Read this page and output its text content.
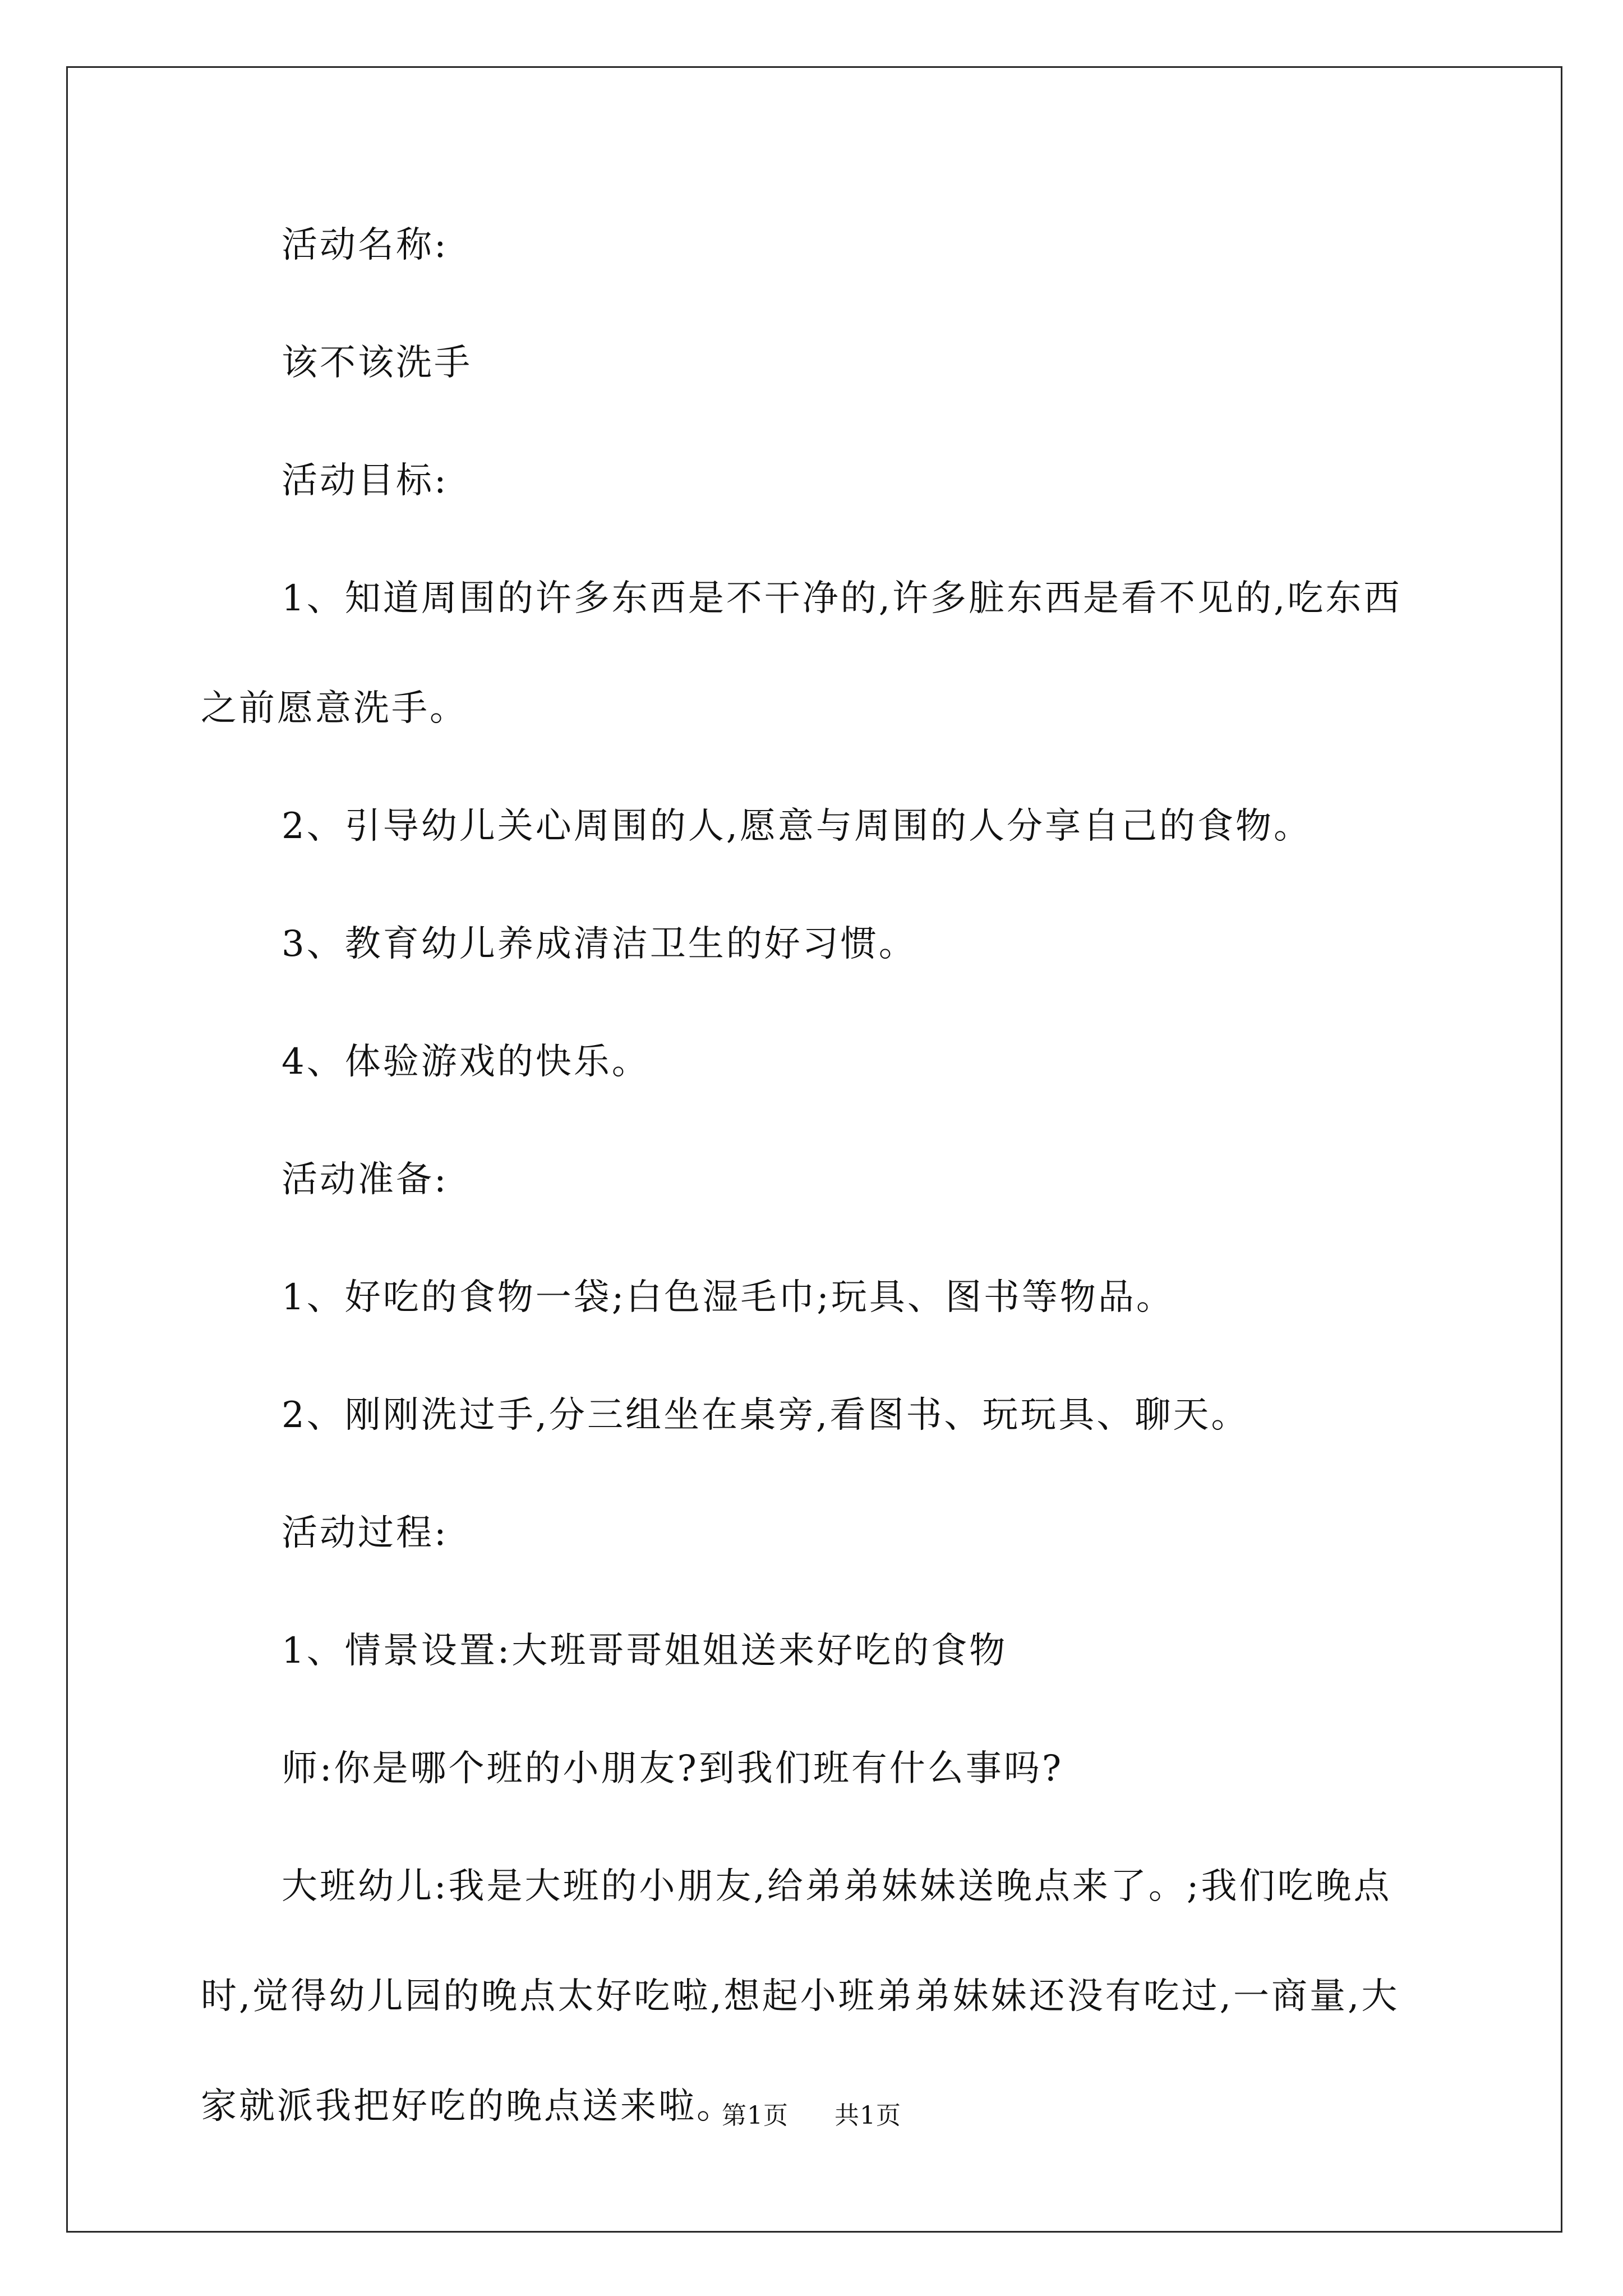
活动名称:

该不该洗手

活动目标:

1、知道周围的许多东西是不干净的,许多脏东西是看不见的,吃东西之前愿意洗手。

2、引导幼儿关心周围的人,愿意与周围的人分享自己的食物。

3、教育幼儿养成清洁卫生的好习惯。

4、体验游戏的快乐。

活动准备:

1、好吃的食物一袋;白色湿毛巾;玩具、图书等物品。

2、刚刚洗过手,分三组坐在桌旁,看图书、玩玩具、聊天。

活动过程:

1、情景设置:大班哥哥姐姐送来好吃的食物

师:你是哪个班的小朋友?到我们班有什么事吗?

大班幼儿:我是大班的小朋友,给弟弟妹妹送晚点来了。;我们吃晚点时,觉得幼儿园的晚点太好吃啦,想起小班弟弟妹妹还没有吃过,一商量,大家就派我把好吃的晚点送来啦。

第1页 共1页
